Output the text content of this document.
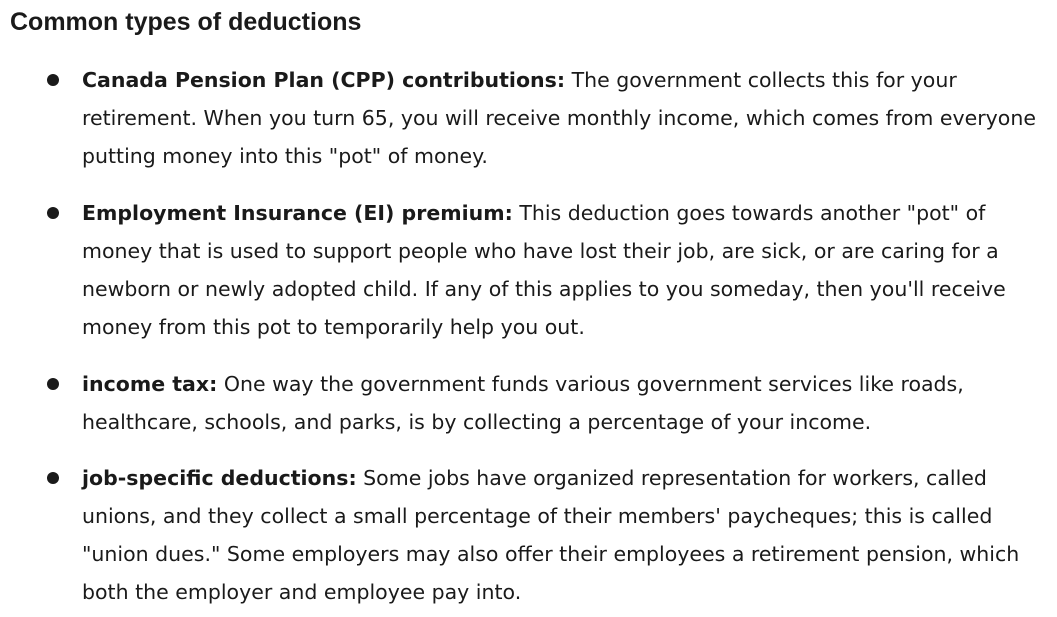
Common types of deductions

Canada Pension Plan (CPP) contributions: The government collects this for your retirement. When you turn 65, you will receive monthly income, which comes from everyone putting money into this "pot" of money.

Employment Insurance (EI) premium: This deduction goes towards another "pot" of money that is used to support people who have lost their job, are sick, or are caring for a newborn or newly adopted child. If any of this applies to you someday, then you'll receive money from this pot to temporarily help you out.

income tax: One way the government funds various government services like roads, healthcare, schools, and parks, is by collecting a percentage of your income.

job-specific deductions: Some jobs have organized representation for workers, called unions, and they collect a small percentage of their members' paycheques; this is called "union dues." Some employers may also offer their employees a retirement pension, which both the employer and employee pay into.
